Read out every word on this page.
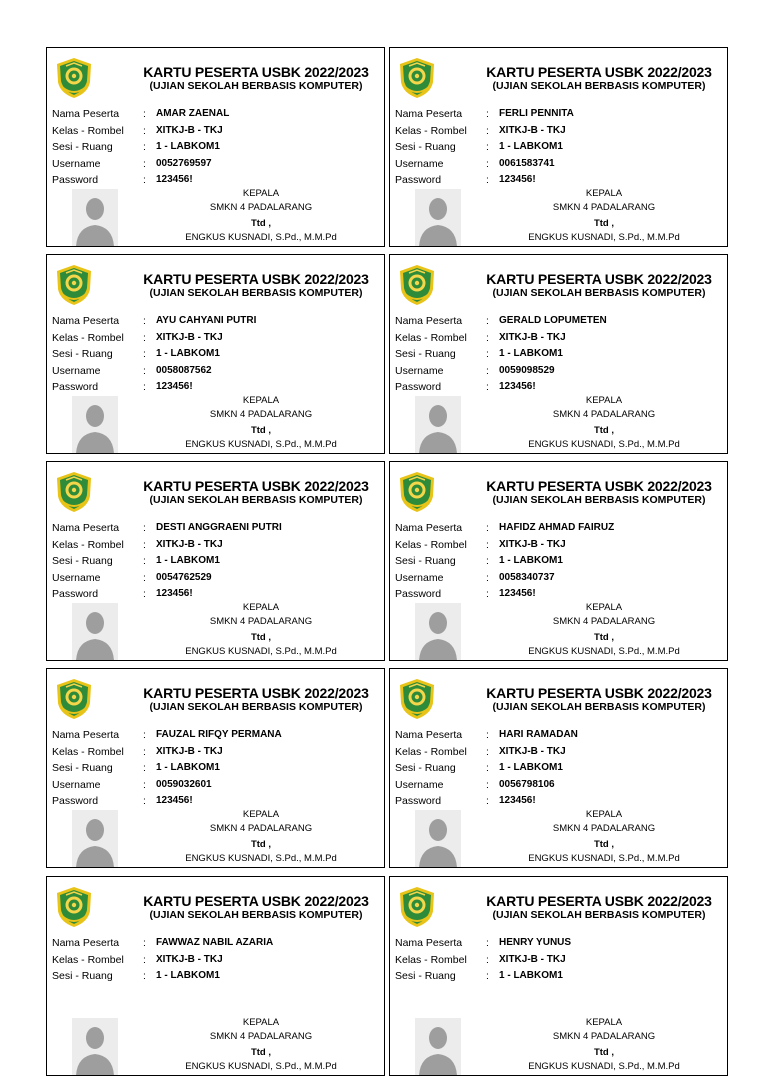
KARTU PESERTA USBK 2022/2023
(UJIAN SEKOLAH BERBASIS KOMPUTER)
Nama Peserta : AMAR ZAENAL
Kelas - Rombel : XITKJ-B - TKJ
Sesi - Ruang	: 1 - LABKOM1
Username	: 0052769597
Password	: 123456!
KEPALA
SMKN 4 PADALARANG
Ttd ,
ENGKUS KUSNADI, S.Pd., M.M.Pd
KARTU PESERTA USBK 2022/2023
(UJIAN SEKOLAH BERBASIS KOMPUTER)
Nama Peserta : FERLI PENNITA
Kelas - Rombel : XITKJ-B - TKJ
Sesi - Ruang	: 1 - LABKOM1
Username	: 0061583741
Password	: 123456!
KEPALA
SMKN 4 PADALARANG
Ttd ,
ENGKUS KUSNADI, S.Pd., M.M.Pd
KARTU PESERTA USBK 2022/2023
(UJIAN SEKOLAH BERBASIS KOMPUTER)
Nama Peserta : AYU CAHYANI PUTRI
Kelas - Rombel : XITKJ-B - TKJ
Sesi - Ruang	: 1 - LABKOM1
Username	: 0058087562
Password	: 123456!
KEPALA
SMKN 4 PADALARANG
Ttd ,
ENGKUS KUSNADI, S.Pd., M.M.Pd
KARTU PESERTA USBK 2022/2023
(UJIAN SEKOLAH BERBASIS KOMPUTER)
Nama Peserta : GERALD LOPUMETEN
Kelas - Rombel : XITKJ-B - TKJ
Sesi - Ruang	: 1 - LABKOM1
Username	: 0059098529
Password	: 123456!
KEPALA
SMKN 4 PADALARANG
Ttd ,
ENGKUS KUSNADI, S.Pd., M.M.Pd
KARTU PESERTA USBK 2022/2023
(UJIAN SEKOLAH BERBASIS KOMPUTER)
Nama Peserta : DESTI ANGGRAENI PUTRI
Kelas - Rombel : XITKJ-B - TKJ
Sesi - Ruang	: 1 - LABKOM1
Username	: 0054762529
Password	: 123456!
KEPALA
SMKN 4 PADALARANG
Ttd ,
ENGKUS KUSNADI, S.Pd., M.M.Pd
KARTU PESERTA USBK 2022/2023
(UJIAN SEKOLAH BERBASIS KOMPUTER)
Nama Peserta : HAFIDZ AHMAD FAIRUZ
Kelas - Rombel : XITKJ-B - TKJ
Sesi - Ruang	: 1 - LABKOM1
Username	: 0058340737
Password	: 123456!
KEPALA
SMKN 4 PADALARANG
Ttd ,
ENGKUS KUSNADI, S.Pd., M.M.Pd
KARTU PESERTA USBK 2022/2023
(UJIAN SEKOLAH BERBASIS KOMPUTER)
Nama Peserta : FAUZAL RIFQY PERMANA
Kelas - Rombel : XITKJ-B - TKJ
Sesi - Ruang	: 1 - LABKOM1
Username	: 0059032601
Password	: 123456!
KEPALA
SMKN 4 PADALARANG
Ttd ,
ENGKUS KUSNADI, S.Pd., M.M.Pd
KARTU PESERTA USBK 2022/2023
(UJIAN SEKOLAH BERBASIS KOMPUTER)
Nama Peserta : HARI RAMADAN
Kelas - Rombel : XITKJ-B - TKJ
Sesi - Ruang	: 1 - LABKOM1
Username	: 0056798106
Password	: 123456!
KEPALA
SMKN 4 PADALARANG
Ttd ,
ENGKUS KUSNADI, S.Pd., M.M.Pd
KARTU PESERTA USBK 2022/2023
(UJIAN SEKOLAH BERBASIS KOMPUTER)
Nama Peserta : FAWWAZ NABIL AZARIA
Kelas - Rombel : XITKJ-B - TKJ
Sesi - Ruang	: 1 - LABKOM1
KEPALA
SMKN 4 PADALARANG
Ttd ,
ENGKUS KUSNADI, S.Pd., M.M.Pd
KARTU PESERTA USBK 2022/2023
(UJIAN SEKOLAH BERBASIS KOMPUTER)
Nama Peserta : HENRY YUNUS
Kelas - Rombel : XITKJ-B - TKJ
Sesi - Ruang	: 1 - LABKOM1
KEPALA
SMKN 4 PADALARANG
Ttd ,
ENGKUS KUSNADI, S.Pd., M.M.Pd
